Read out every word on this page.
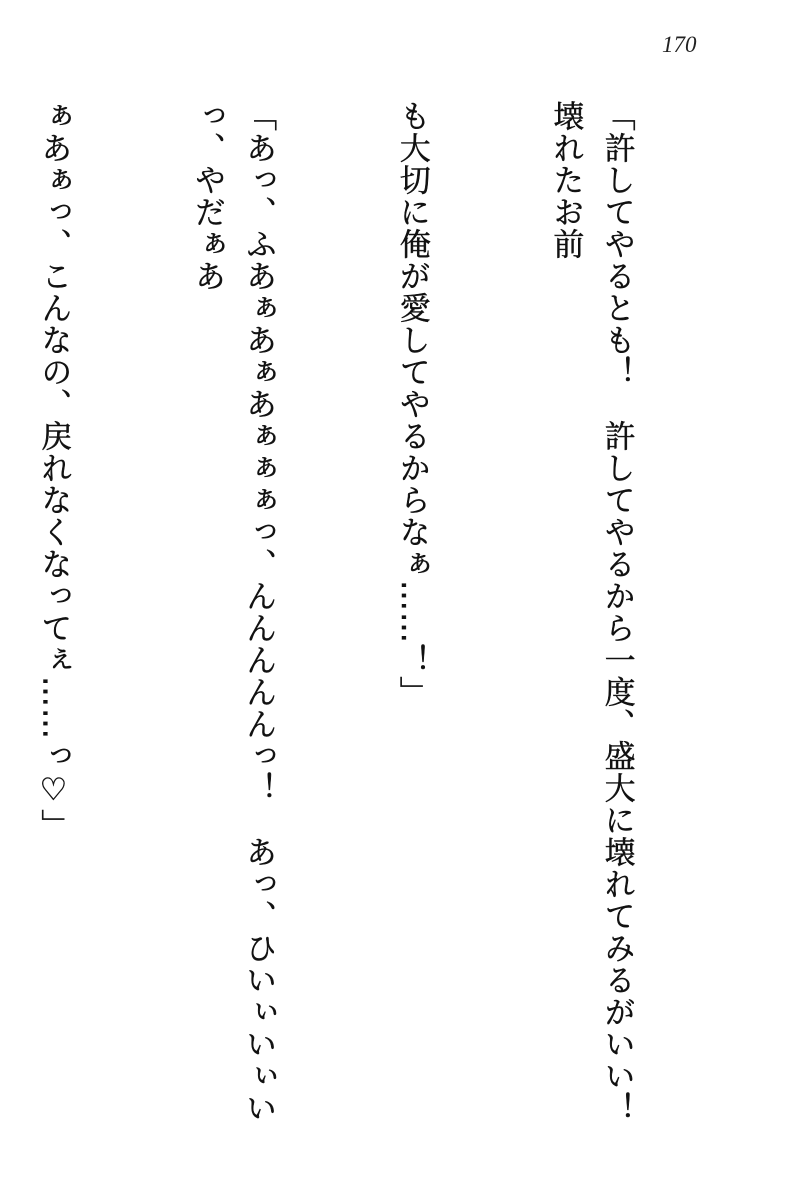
170

「許してやるとも！　許してやるから一度、盛大に壊れてみるがいい！　壊れたお前

も大切に俺が愛してやるからなぁ……！」

「あっ、ふあぁあぁあぁぁぁっ、んんんんんっ！　あっ、ひいぃいぃいっ、やだぁあ

ぁあぁっ、こんなの、戻れなくなってぇ……っ♡」
